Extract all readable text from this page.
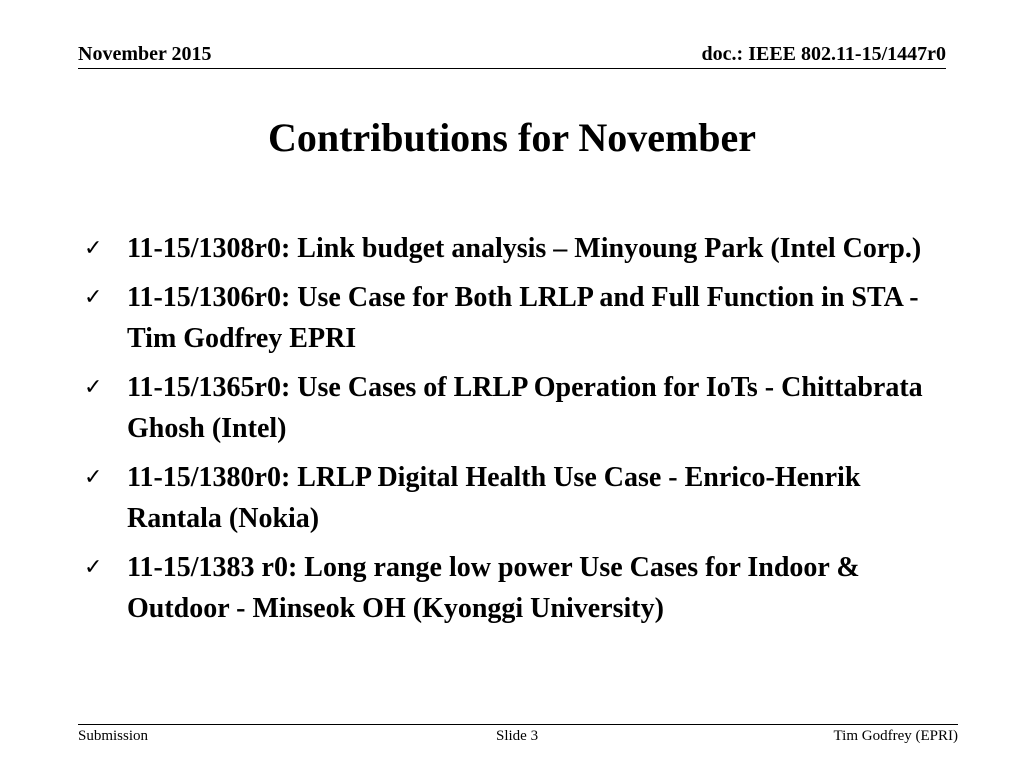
November 2015	doc.: IEEE 802.11-15/1447r0
Contributions for November
✓ 11-15/1308r0: Link budget analysis – Minyoung Park (Intel Corp.)
✓ 11-15/1306r0: Use Case for Both LRLP and Full Function in STA - Tim Godfrey EPRI
✓ 11-15/1365r0: Use Cases of LRLP Operation for IoTs - Chittabrata Ghosh (Intel)
✓ 11-15/1380r0: LRLP Digital Health Use Case - Enrico-Henrik Rantala (Nokia)
✓ 11-15/1383 r0: Long range low power Use Cases for Indoor & Outdoor - Minseok OH (Kyonggi University)
Submission	Slide 3	Tim Godfrey (EPRI)
